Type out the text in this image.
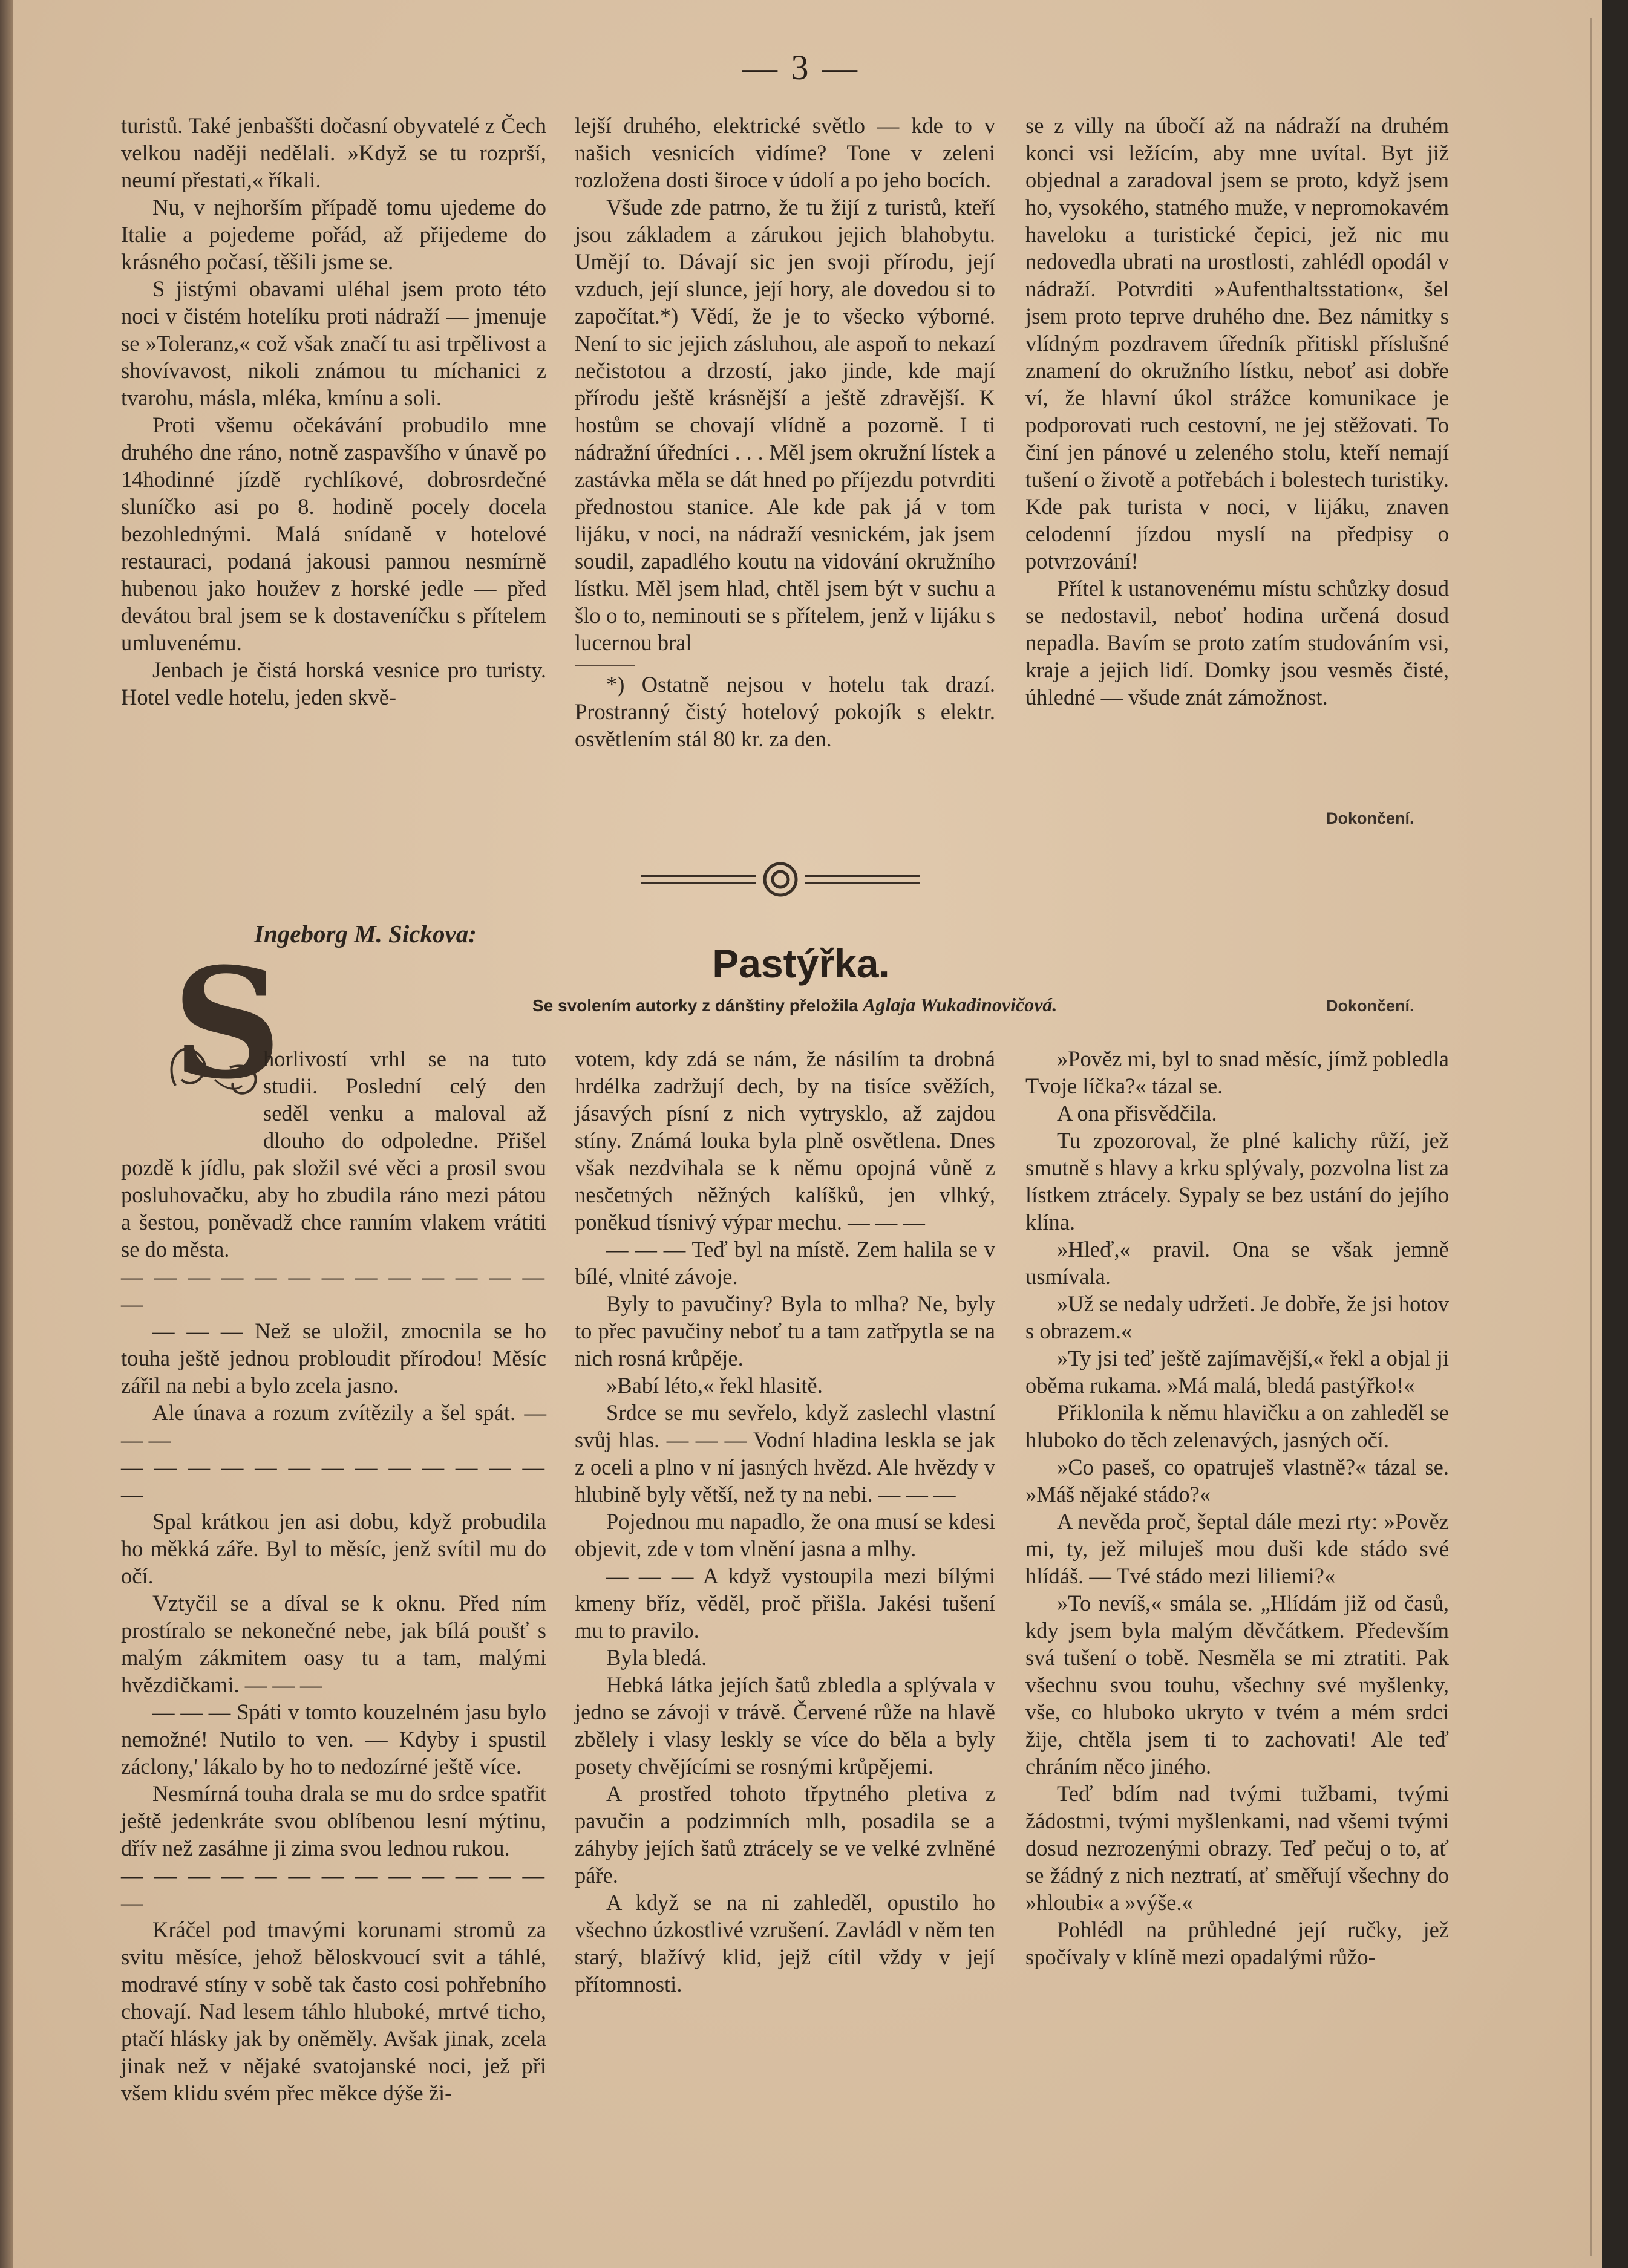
— 3 —

turistů. Také jenbaššti dočasní obyvatelé z Čech velkou naději nedělali. »Když se tu rozprší, neumí přestati,« říkali.

Nu, v nejhorším případě tomu ujedeme do Italie a pojedeme pořád, až přijedeme do krásného počasí, těšili jsme se.

S jistými obavami uléhal jsem proto této noci v čistém hotelíku proti nádraží — jmenuje se »Toleranz,« což však značí tu asi trpělivost a shovívavost, nikoli známou tu míchanici z tvarohu, másla, mléka, kmínu a soli.

Proti všemu očekávání probudilo mne druhého dne ráno, notně zaspavšího v únavě po 14hodinné jízdě rychlíkové, dobrosrdečné sluníčko asi po 8. hodině pocely docela bezohlednými. Malá snídaně v hotelové restauraci, podaná jakousi pannou nesmírně hubenou jako houžev z horské jedle — před devátou bral jsem se k dostaveníčku s přítelem umluvenému.

Jenbach je čistá horská vesnice pro turisty. Hotel vedle hotelu, jeden skvě-

lejší druhého, elektrické světlo — kde to v našich vesnicích vidíme? Tone v zeleni rozložena dosti široce v údolí a po jeho bocích.

Všude zde patrno, že tu žijí z turistů, kteří jsou základem a zárukou jejich blahobytu. Umějí to. Dávají sic jen svoji přírodu, její vzduch, její slunce, její hory, ale dovedou si to započítat.*) Vědí, že je to všecko výborné. Není to sic jejich zásluhou, ale aspoň to nekazí nečistotou a drzostí, jako jinde, kde mají přírodu ještě krásnější a ještě zdravější. K hostům se chovají vlídně a pozorně. I ti nádražní úředníci . . . Měl jsem okružní lístek a zastávka měla se dát hned po příjezdu potvrditi přednostou stanice. Ale kde pak já v tom lijáku, v noci, na nádraží vesnickém, jak jsem soudil, zapadlého koutu na vidování okružního lístku. Měl jsem hlad, chtěl jsem být v suchu a šlo o to, neminouti se s přítelem, jenž v lijáku s lucernou bral

*) Ostatně nejsou v hotelu tak drazí. Prostranný čistý hotelový pokojík s elektr. osvětlením stál 80 kr. za den.

se z villy na úbočí až na nádraží na druhém konci vsi ležícím, aby mne uvítal. Byt již objednal a zaradoval jsem se proto, když jsem ho, vysokého, statného muže, v nepromokavém haveloku a turistické čepici, jež nic mu nedovedla ubrati na urostlosti, zahlédl opodál v nádraží. Potvrditi »Aufenthaltsstation«, šel jsem proto teprve druhého dne. Bez námitky s vlídným pozdravem úředník přitiskl příslušné znamení do okružního lístku, neboť asi dobře ví, že hlavní úkol strážce komunikace je podporovati ruch cestovní, ne jej stěžovati. To činí jen pánové u zeleného stolu, kteří nemají tušení o životě a potřebách i bolestech turistiky. Kde pak turista v noci, v lijáku, znaven celodenní jízdou myslí na předpisy o potvrzování!

Přítel k ustanovenému místu schůzky dosud se nedostavil, neboť hodina určená dosud nepadla. Bavím se proto zatím studováním vsi, kraje a jejich lidí. Domky jsou vesměs čisté, úhledné — všude znát zámožnost.

Dokončení.
Ingeborg M. Sickova:
Pastýřka.
Se svolením autorky z dánštiny přeložila Aglaja Wukadinovičová.	Dokončení.
S

horlivostí vrhl se na tuto

studii. Poslední celý den

seděl venku a maloval až

dlouho do odpoledne. Přišel

pozdě k jídlu, pak složil své věci a prosil svou posluhovačku, aby ho zbudila ráno mezi pátou a šestou, poněvadž chce ranním vlakem vrátiti se do města.

— — — — — — — — — — — — — —

— — — Než se uložil, zmocnila se ho touha ještě jednou probloudit přírodou! Měsíc zářil na nebi a bylo zcela jasno.

Ale únava a rozum zvítězily a šel spát. — — —

— — — — — — — — — — — — — —

Spal krátkou jen asi dobu, když probudila ho měkká záře. Byl to měsíc, jenž svítil mu do očí.

Vztyčil se a díval se k oknu. Před ním prostíralo se nekonečné nebe, jak bílá poušť s malým zákmitem oasy tu a tam, malými hvězdičkami. — — —

— — — Spáti v tomto kouzelném jasu bylo nemožné! Nutilo to ven. — Kdyby i spustil záclony,' lákalo by ho to nedozírné ještě více.

Nesmírná touha drala se mu do srdce spatřit ještě jedenkráte svou oblíbenou lesní mýtinu, dřív než zasáhne ji zima svou lednou rukou.

— — — — — — — — — — — — — —

Kráčel pod tmavými korunami stromů za svitu měsíce, jehož běloskvoucí svit a táhlé, modravé stíny v sobě tak často cosi pohřebního chovají. Nad lesem táhlo hluboké, mrtvé ticho, ptačí hlásky jak by oněměly. Avšak jinak, zcela jinak než v nějaké svatojanské noci, jež při všem klidu svém přec měkce dýše ži-

votem, kdy zdá se nám, že násilím ta drobná hrdélka zadržují dech, by na tisíce svěžích, jásavých písní z nich vytrysklo, až zajdou stíny. Známá louka byla plně osvětlena. Dnes však nezdvihala se k němu opojná vůně z nesčetných něžných kalíšků, jen vlhký, poněkud tísnivý výpar mechu. — — —

— — — Teď byl na místě. Zem halila se v bílé, vlnité závoje.

Byly to pavučiny? Byla to mlha? Ne, byly to přec pavučiny neboť tu a tam zatřpytla se na nich rosná krůpěje.

»Babí léto,« řekl hlasitě.

Srdce se mu sevřelo, když zaslechl vlastní svůj hlas. — — — Vodní hladina leskla se jak z oceli a plno v ní jasných hvězd. Ale hvězdy v hlubině byly větší, než ty na nebi. — — —

Pojednou mu napadlo, že ona musí se kdesi objevit, zde v tom vlnění jasna a mlhy.

— — — A když vystoupila mezi bílými kmeny bříz, věděl, proč přišla. Jakési tušení mu to pravilo.

Byla bledá.

Hebká látka jejích šatů zbledla a splývala v jedno se závoji v trávě. Červené růže na hlavě zbělely i vlasy leskly se více do běla a byly posety chvějícími se rosnými krůpějemi.

A prostřed tohoto třpytného pletiva z pavučin a podzimních mlh, posadila se a záhyby jejích šatů ztrácely se ve velké zvlněné páře.

A když se na ni zahleděl, opustilo ho všechno úzkostlivé vzrušení. Zavládl v něm ten starý, blažívý klid, jejž cítil vždy v její přítomnosti.

»Pověz mi, byl to snad měsíc, jímž pobledla Tvoje líčka?« tázal se.

A ona přisvědčila.

Tu zpozoroval, že plné kalichy růží, jež smutně s hlavy a krku splývaly, pozvolna list za lístkem ztrácely. Sypaly se bez ustání do jejího klína.

»Hleď,« pravil. Ona se však jemně usmívala.

»Už se nedaly udržeti. Je dobře, že jsi hotov s obrazem.«

»Ty jsi teď ještě zajímavější,« řekl a objal ji oběma rukama. »Má malá, bledá pastýřko!«

Přiklonila k němu hlavičku a on zahleděl se hluboko do těch zelenavých, jasných očí.

»Co paseš, co opatruješ vlastně?« tázal se. »Máš nějaké stádo?«

A nevěda proč, šeptal dále mezi rty: »Pověz mi, ty, jež miluješ mou duši kde stádo své hlídáš. — Tvé stádo mezi liliemi?«

»To nevíš,« smála se. „Hlídám již od časů, kdy jsem byla malým děvčátkem. Především svá tušení o tobě. Nesměla se mi ztratiti. Pak všechnu svou touhu, všechny své myšlenky, vše, co hluboko ukryto v tvém a mém srdci žije, chtěla jsem ti to zachovati! Ale teď chráním něco jiného.

Teď bdím nad tvými tužbami, tvými žádostmi, tvými myšlenkami, nad všemi tvými dosud nezrozenými obrazy. Teď pečuj o to, ať se žádný z nich neztratí, ať směřují všechny do »hloubi« a »výše.«

Pohlédl na průhledné její ručky, jež spočívaly v klíně mezi opadalými růžo-
